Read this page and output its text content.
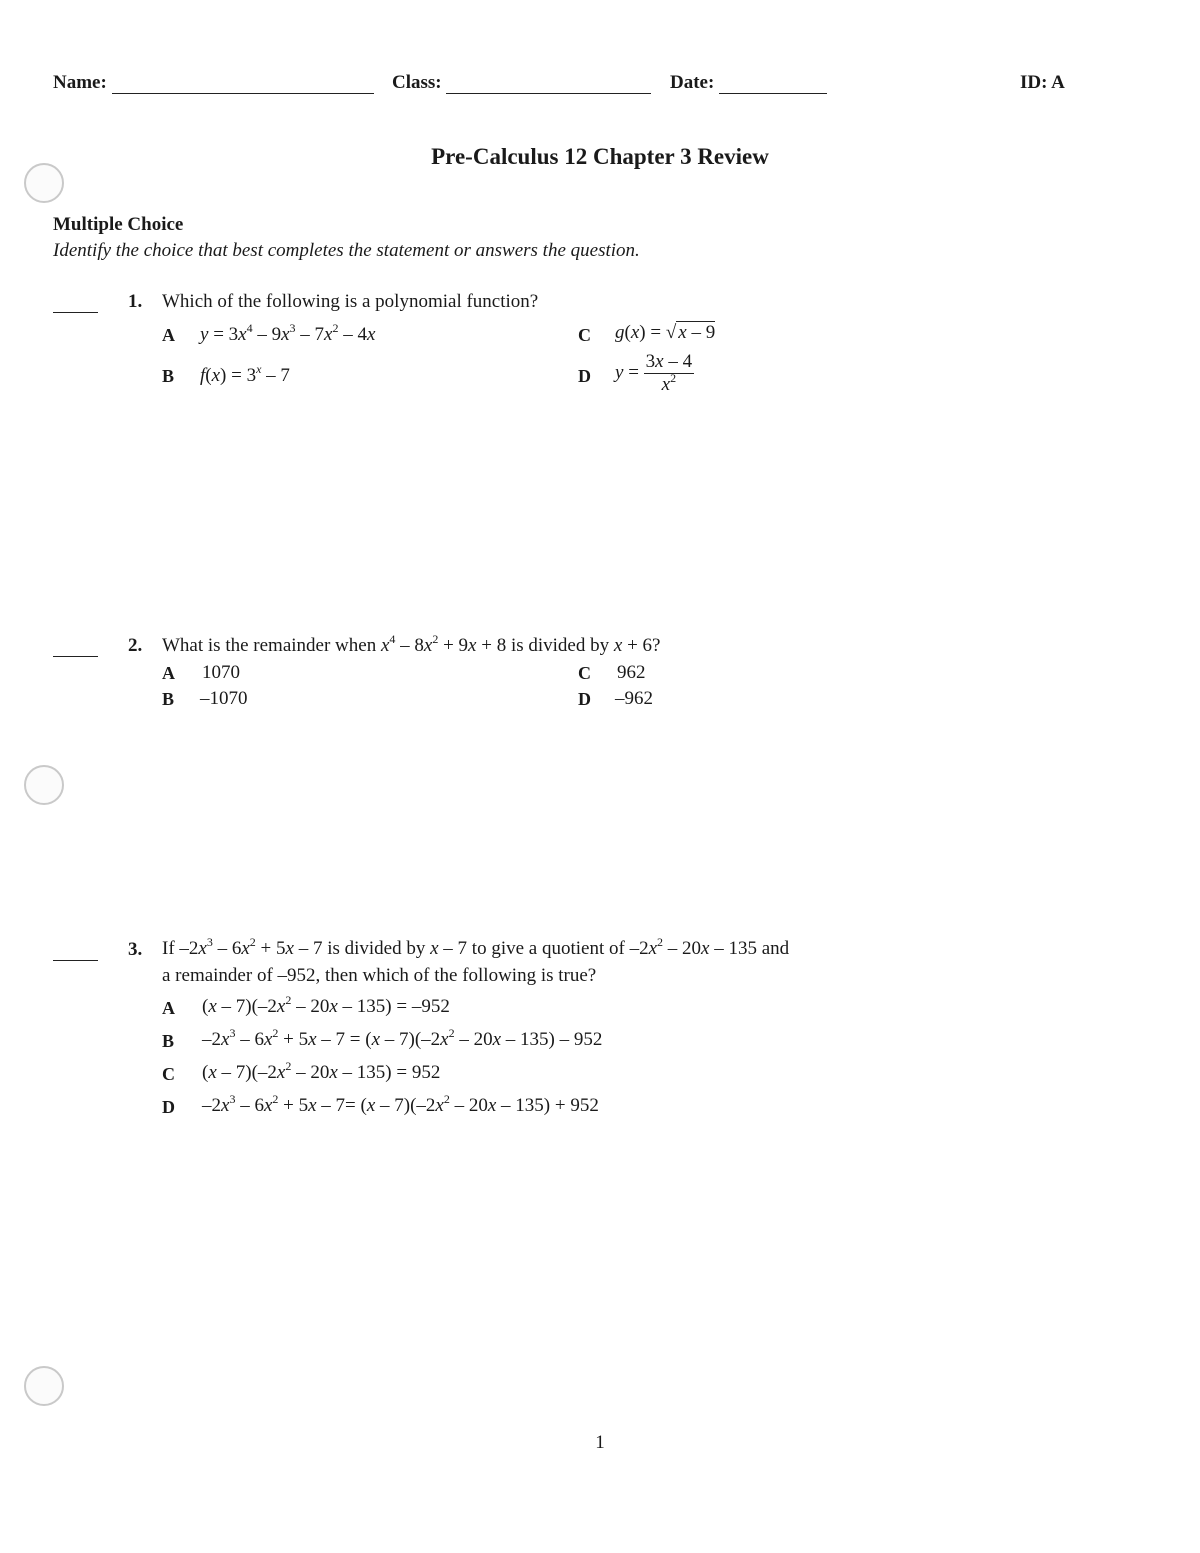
Name:	Class:	Date:	ID: A
Pre-Calculus 12 Chapter 3 Review
Multiple Choice
Identify the choice that best completes the statement or answers the question.
1. Which of the following is a polynomial function?
A $y = 3x^4 - 9x^3 - 7x^2 - 4x$
B $f(x) = 3^x - 7$
C g(x) = √ x – 9
D $y = \frac{3x - 4}{x^2}$
2. What is the remainder when $x^4 - 8x^2 + 9x + 8$ is divided by x + 6?
A 1070
B –1070
C 962
D –962
3. If $-2x^3 - 6x^2 + 5x - 7$ is divided by x – 7 to give a quotient of $-2x^2 - 20x - 135$ and
a remainder of –952, then which of the following is true?
A $(x - 7)(-2x^2 - 20x - 135) = -952$
B $-2x^3 - 6x^2 + 5x - 7 = (x - 7)(-2x^2 - 20x - 135) - 952$
C $(x - 7)(-2x^2 - 20x - 135) = 952$
D $-2x^3 - 6x^2 + 5x - 7= (x - 7)(-2x^2 - 20x - 135) + 952$
1
